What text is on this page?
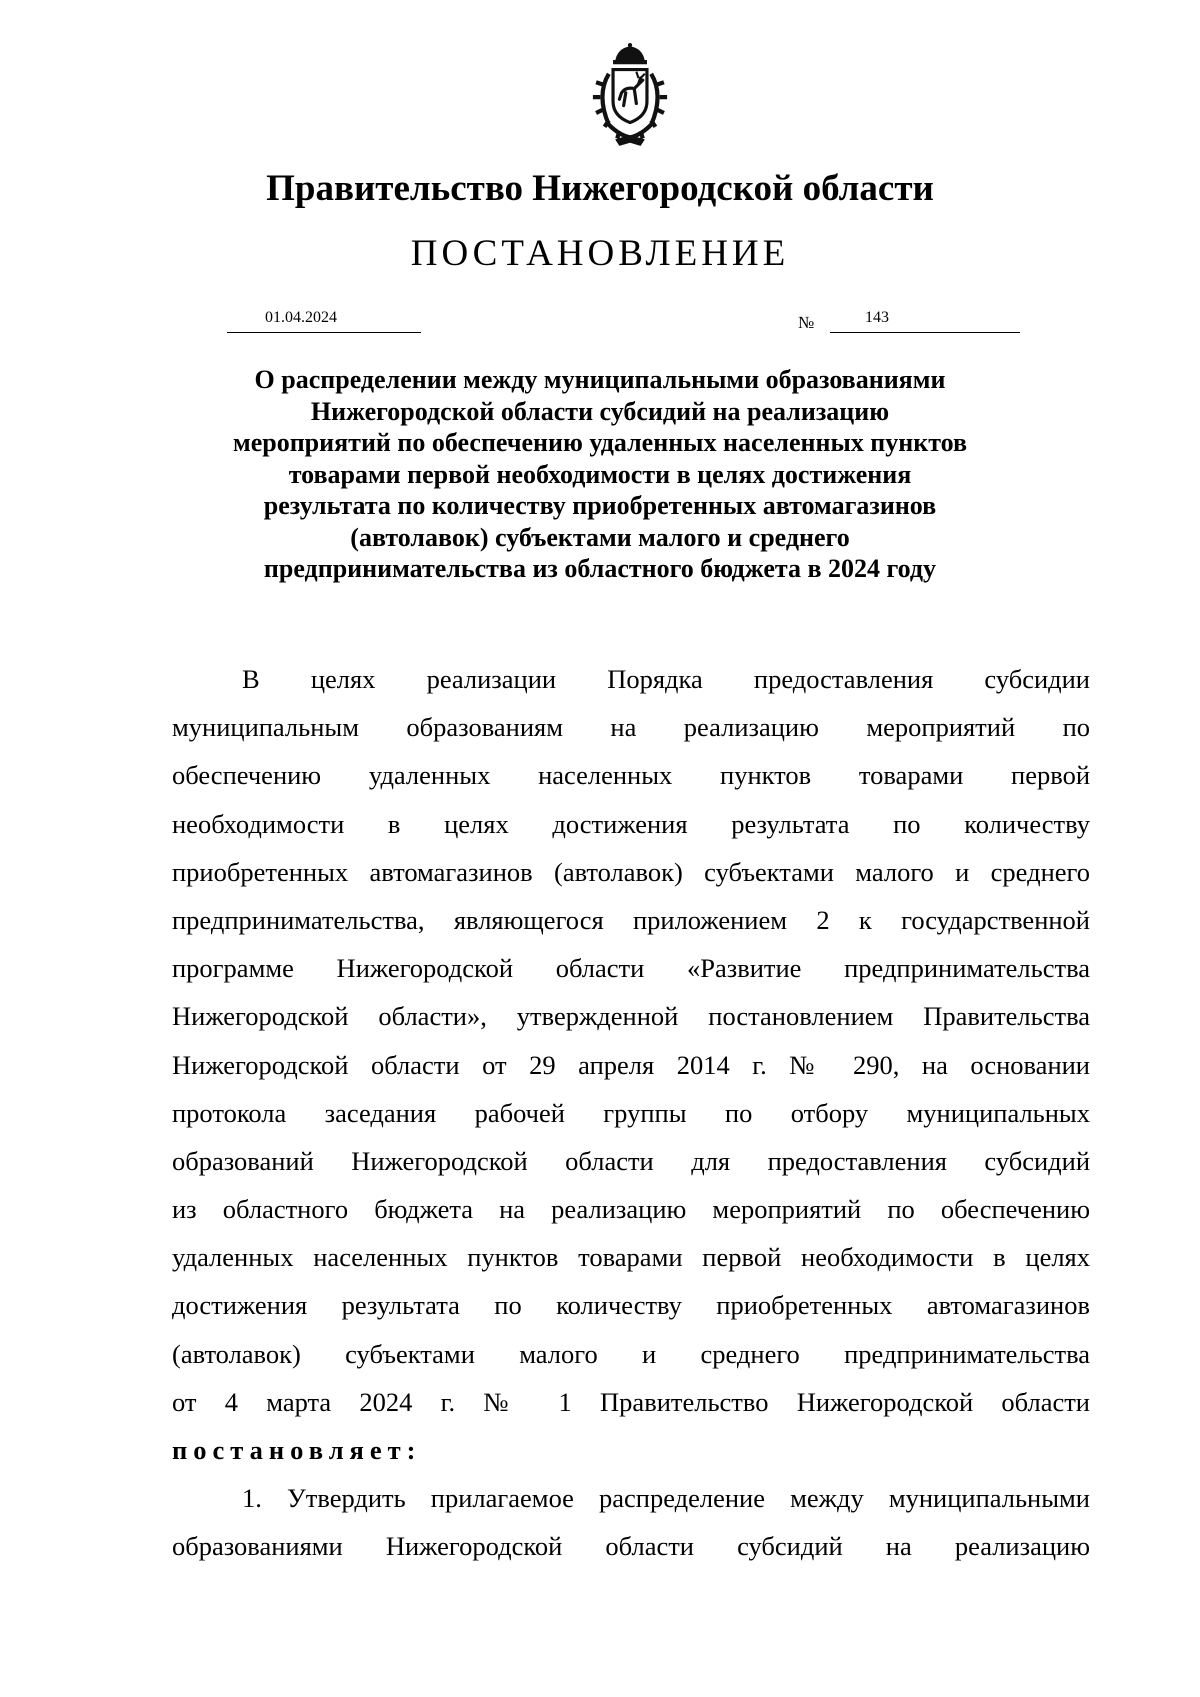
Правительство Нижегородской области
ПОСТАНОВЛЕНИЕ
01.04.2024	№	143
О распределении между муниципальными образованиями
Нижегородской области субсидий на реализацию
мероприятий по обеспечению удаленных населенных пунктов
товарами первой необходимости в целях достижения
результата по количеству приобретенных автомагазинов
(автолавок) субъектами малого и среднего
предпринимательства из областного бюджета в 2024 году
В целях реализации Порядка предоставления субсидии
муниципальным образованиям на реализацию мероприятий по
обеспечению удаленных населенных пунктов товарами первой
необходимости в целях достижения результата по количеству
приобретенных автомагазинов (автолавок) субъектами малого и среднего
предпринимательства, являющегося приложением 2 к государственной
программе Нижегородской области «Развитие предпринимательства
Нижегородской области», утвержденной постановлением Правительства
Нижегородской области от 29 апреля 2014 г. № 290, на основании
протокола заседания рабочей группы по отбору муниципальных
образований Нижегородской области для предоставления субсидий
из областного бюджета на реализацию мероприятий по обеспечению
удаленных населенных пунктов товарами первой необходимости в целях
достижения результата по количеству приобретенных автомагазинов
(автолавок) субъектами малого и среднего предпринимательства
от 4 марта 2024 г. № 1 Правительство Нижегородской области
постановляет:
1. Утвердить прилагаемое распределение между муниципальными
образованиями Нижегородской области субсидий на реализацию
